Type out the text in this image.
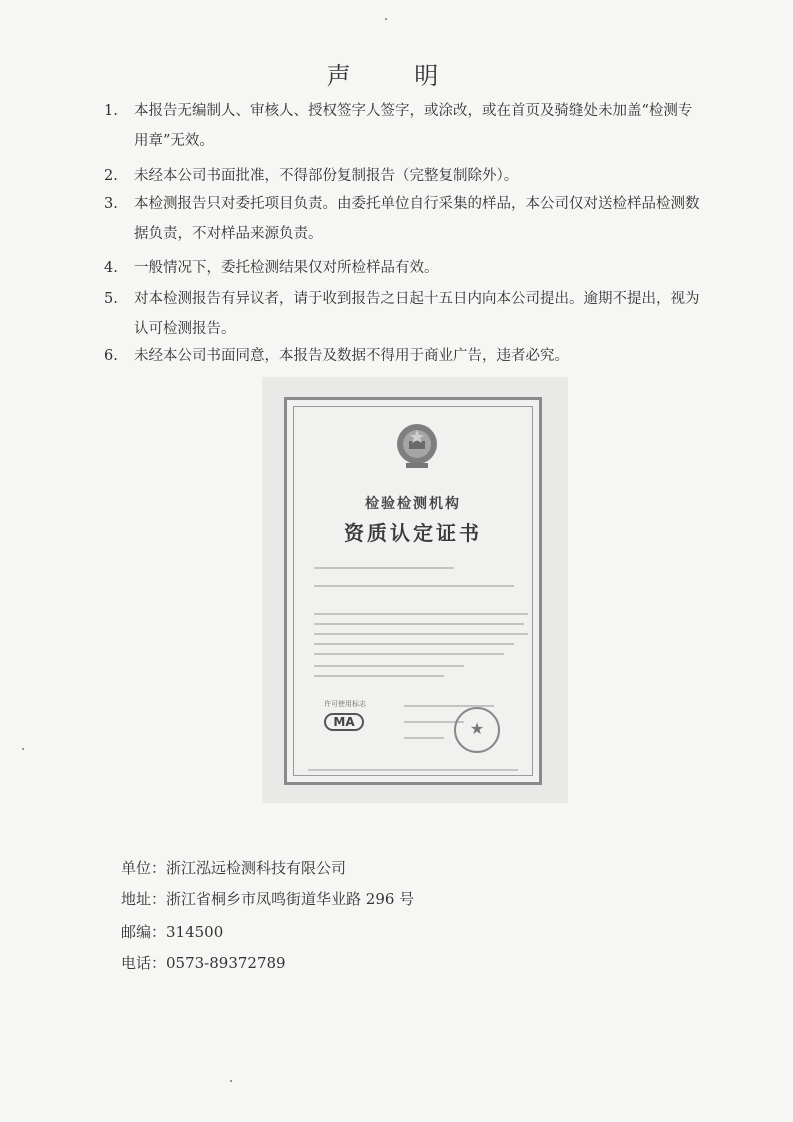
声 明
1.	本报告无编制人、审核人、授权签字人签字，或涂改，或在首页及骑缝处未加盖“检测专用章”无效。
2.	未经本公司书面批准，不得部份复制报告（完整复制除外）。
3.	本检测报告只对委托项目负责。由委托单位自行采集的样品，本公司仅对送检样品检测数据负责，不对样品来源负责。
4.	一般情况下，委托检测结果仅对所检样品有效。
5.	对本检测报告有异议者，请于收到报告之日起十五日内向本公司提出。逾期不提出，视为认可检测报告。
6.	未经本公司书面同意，本报告及数据不得用于商业广告，违者必究。
检验检测机构
资质认定证书
许可使用标志
MA	★
单位：浙江泓远检测科技有限公司
地址：浙江省桐乡市凤鸣街道华业路 296 号
邮编：314500
电话：0573-89372789
